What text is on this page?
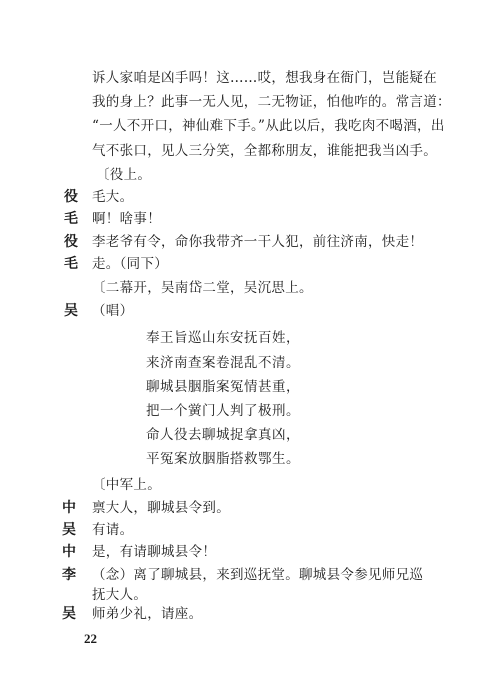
诉人家咱是凶手吗！这……哎，想我身在衙门，岂能疑在
我的身上？此事一无人见，二无物证，怕他咋的。常言道：
“一人不开口，神仙难下手。”从此以后，我吃肉不喝酒，出
气不张口，见人三分笑，全都称朋友，谁能把我当凶手。
〔役上。
役 毛大。
毛 啊！啥事！
役 李老爷有令，命你我带齐一干人犯，前往济南，快走！
毛 走。（同下）
〔二幕开，吴南岱二堂，吴沉思上。
吴 （唱）
奉王旨巡山东安抚百姓，
来济南查案卷混乱不清。
聊城县胭脂案冤情甚重，
把一个黉门人判了极刑。
命人役去聊城捉拿真凶，
平冤案放胭脂搭救鄂生。
〔中军上。
中 禀大人，聊城县令到。
吴 有请。
中 是，有请聊城县令！
李 （念）离了聊城县，来到巡抚堂。聊城县令参见师兄巡
抚大人。
吴 师弟少礼，请座。
22
